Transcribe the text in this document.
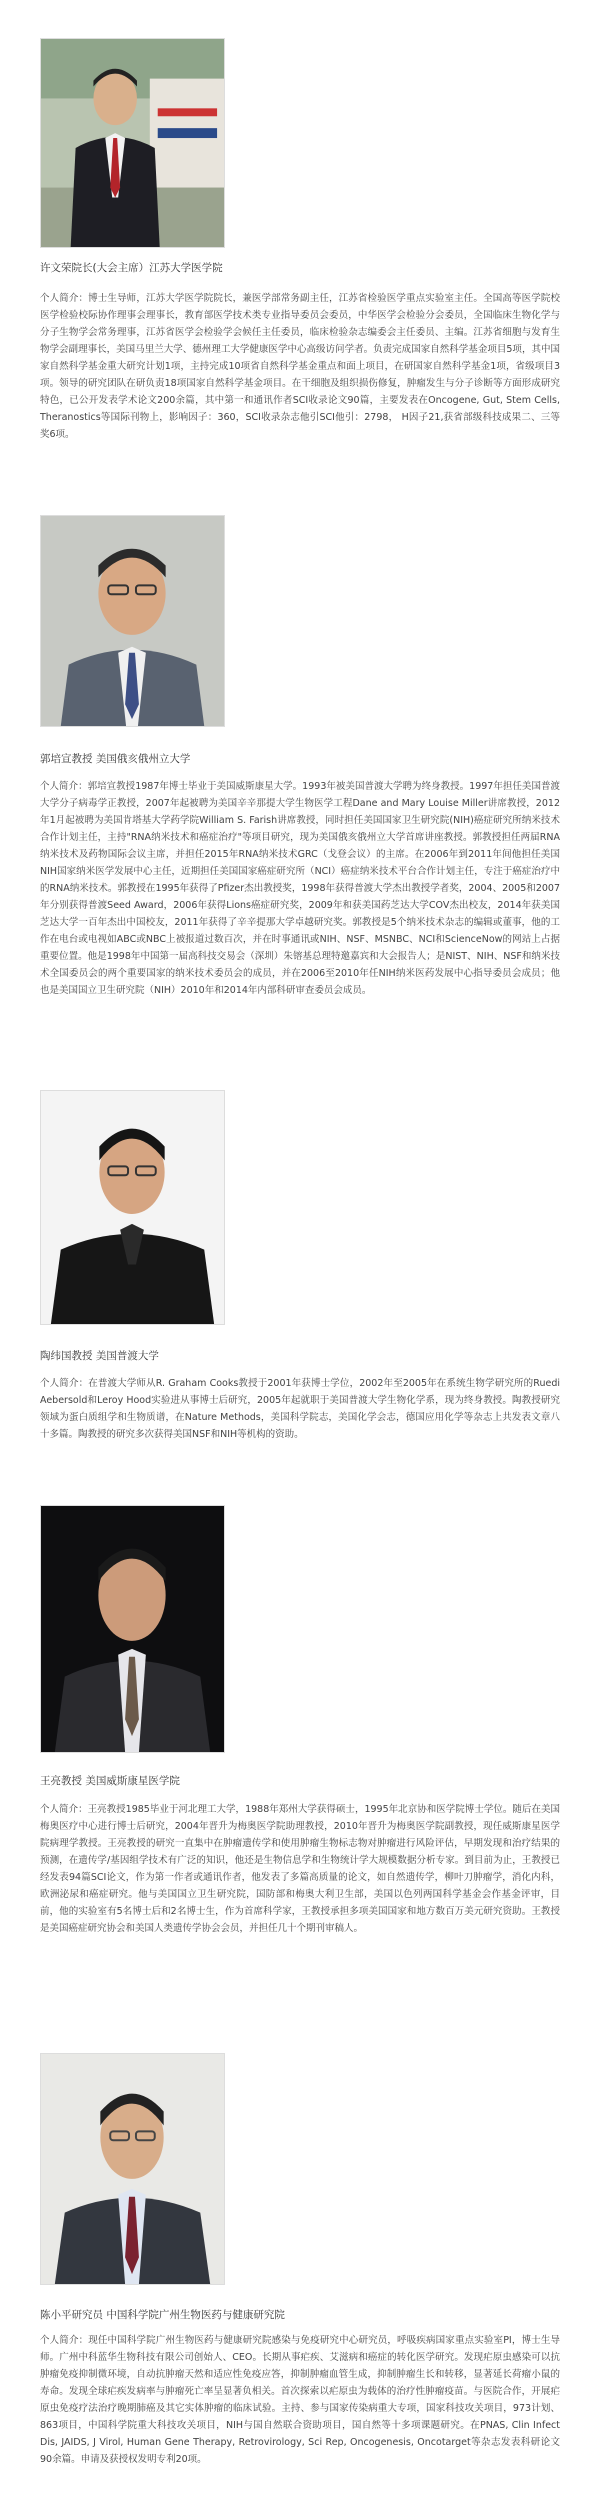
许文荣院长(大会主席）江苏大学医学院

个人简介：博士生导师，江苏大学医学院院长，兼医学部常务副主任，江苏省检验医学重点实验室主任。全国高等医学院校医学检验校际协作理事会理事长，教育部医学技术类专业指导委员会委员，中华医学会检验分会委员，全国临床生物化学与分子生物学会常务理事，江苏省医学会检验学会候任主任委员，临床检验杂志编委会主任委员、主编。江苏省细胞与发育生物学会副理事长，美国马里兰大学、德州理工大学健康医学中心高级访问学者。负责完成国家自然科学基金项目5项，其中国家自然科学基金重大研究计划1项，主持完成10项省自然科学基金重点和面上项目，在研国家自然科学基金1项，省级项目3项。领导的研究团队在研负责18项国家自然科学基金项目。在干细胞及组织损伤修复，肿瘤发生与分子诊断等方面形成研究特色，已公开发表学术论文200余篇，其中第一和通讯作者SCI收录论文90篇，主要发表在Oncogene, Gut, Stem Cells, Theranostics等国际刊物上，影响因子：360，SCI收录杂志他引SCI他引：2798， H因子21,获省部级科技成果二、三等奖6项。

郭培宣教授 美国俄亥俄州立大学

个人简介：郭培宣教授1987年博士毕业于美国威斯康星大学。1993年被美国普渡大学聘为终身教授。1997年担任美国普渡大学分子病毒学正教授，2007年起被聘为美国辛辛那提大学生物医学工程Dane and Mary Louise Miller讲席教授，2012年1月起被聘为美国肯塔基大学药学院William S. Farish讲席教授，同时担任美国国家卫生研究院(NIH)癌症研究所纳米技术合作计划主任，主持"RNA纳米技术和癌症治疗"等项目研究，现为美国俄亥俄州立大学首席讲座教授。郭教授担任两届RNA纳米技术及药物国际会议主席，并担任2015年RNA纳米技术GRC（戈登会议）的主席。在2006年到2011年间他担任美国NIH国家纳米医学发展中心主任，近期担任美国国家癌症研究所（NCI）癌症纳米技术平台合作计划主任，专注于癌症治疗中的RNA纳米技术。郭教授在1995年获得了Pfizer杰出教授奖，1998年获得普渡大学杰出教授学者奖，2004、2005和2007年分别获得普渡Seed Award，2006年获得Lions癌症研究奖，2009年和获美国药芝达大学COV杰出校友，2014年获美国芝达大学一百年杰出中国校友，2011年获得了辛辛提那大学卓越研究奖。郭教授是5个纳米技术杂志的编辑或董事，他的工作在电台或电视如ABC或NBC上被报道过数百次，并在时事通讯或NIH、NSF、MSNBC、NCI和ScienceNow的网站上占据重要位置。他是1998年中国第一届高科技交易会（深圳）朱镕基总理特邀嘉宾和大会报告人；是NIST、NIH、NSF和纳米技术全国委员会的两个重要国家的纳米技术委员会的成员，并在2006至2010年任NIH纳米医药发展中心指导委员会成员；他也是美国国立卫生研究院（NIH）2010年和2014年内部科研审查委员会成员。

陶纬国教授 美国普渡大学

个人简介：在普渡大学师从R. Graham Cooks教授于2001年获博士学位，2002年至2005年在系统生物学研究所的Ruedi Aebersold和Leroy Hood实验进从事博士后研究，2005年起就职于美国普渡大学生物化学系，现为终身教授。陶教授研究领域为蛋白质组学和生物质谱，在Nature Methods，美国科学院志，美国化学会志，德国应用化学等杂志上共发表文章八十多篇。陶教授的研究多次获得美国NSF和NIH等机构的资助。

王亮教授 美国威斯康星医学院

个人简介：王亮教授1985毕业于河北理工大学，1988年郑州大学获得硕士，1995年北京协和医学院博士学位。随后在美国梅奥医疗中心进行博士后研究，2004年晋升为梅奥医学院助理教授，2010年晋升为梅奥医学院副教授，现任威斯康星医学院病理学教授。王亮教授的研究一直集中在肿瘤遗传学和使用肿瘤生物标志物对肿瘤进行风险评估，早期发现和治疗结果的预测，在遗传学/基因组学技术有广泛的知识，他还是生物信息学和生物统计学大规模数据分析专家。到目前为止，王教授已经发表94篇SCI论文，作为第一作者或通讯作者，他发表了多篇高质量的论文，如自然遗传学，柳叶刀肿瘤学，消化内科，欧洲泌尿和癌症研究。他与美国国立卫生研究院，国防部和梅奥大利卫生部，美国以色列两国科学基金会作基金评审，目前，他的实验室有5名博士后和2名博士生，作为首席科学家，王教授承担多项美国国家和地方数百万美元研究资助。王教授是美国癌症研究协会和美国人类遗传学协会会员，并担任几十个期刊审稿人。

陈小平研究员 中国科学院广州生物医药与健康研究院

个人简介：现任中国科学院广州生物医药与健康研究院感染与免疫研究中心研究员，呼吸疾病国家重点实验室PI，博士生导师。广州中科蓝华生物科技有限公司创始人、CEO。长期从事疟疾、艾滋病和癌症的转化医学研究。发现疟原虫感染可以抗肿瘤免疫抑制微环境，自动抗肿瘤天然和适应性免疫应答，抑制肿瘤血管生成，抑制肿瘤生长和转移，显著延长荷瘤小鼠的寿命。发现全球疟疾发病率与肿瘤死亡率呈显著负相关。首次探索以疟原虫为载体的治疗性肿瘤疫苗。与医院合作，开展疟原虫免疫疗法治疗晚期肺癌及其它实体肿瘤的临床试验。主持、参与国家传染病重大专项，国家科技攻关项目，973计划、863项目，中国科学院重大科技攻关项目，NIH与国自然联合资助项目，国自然等十多项课题研究。在PNAS, Clin Infect Dis, JAIDS, J Virol, Human Gene Therapy, Retrovirology, Sci Rep, Oncogenesis, Oncotarget等杂志发表科研论文90余篇。申请及获授权发明专利20项。
